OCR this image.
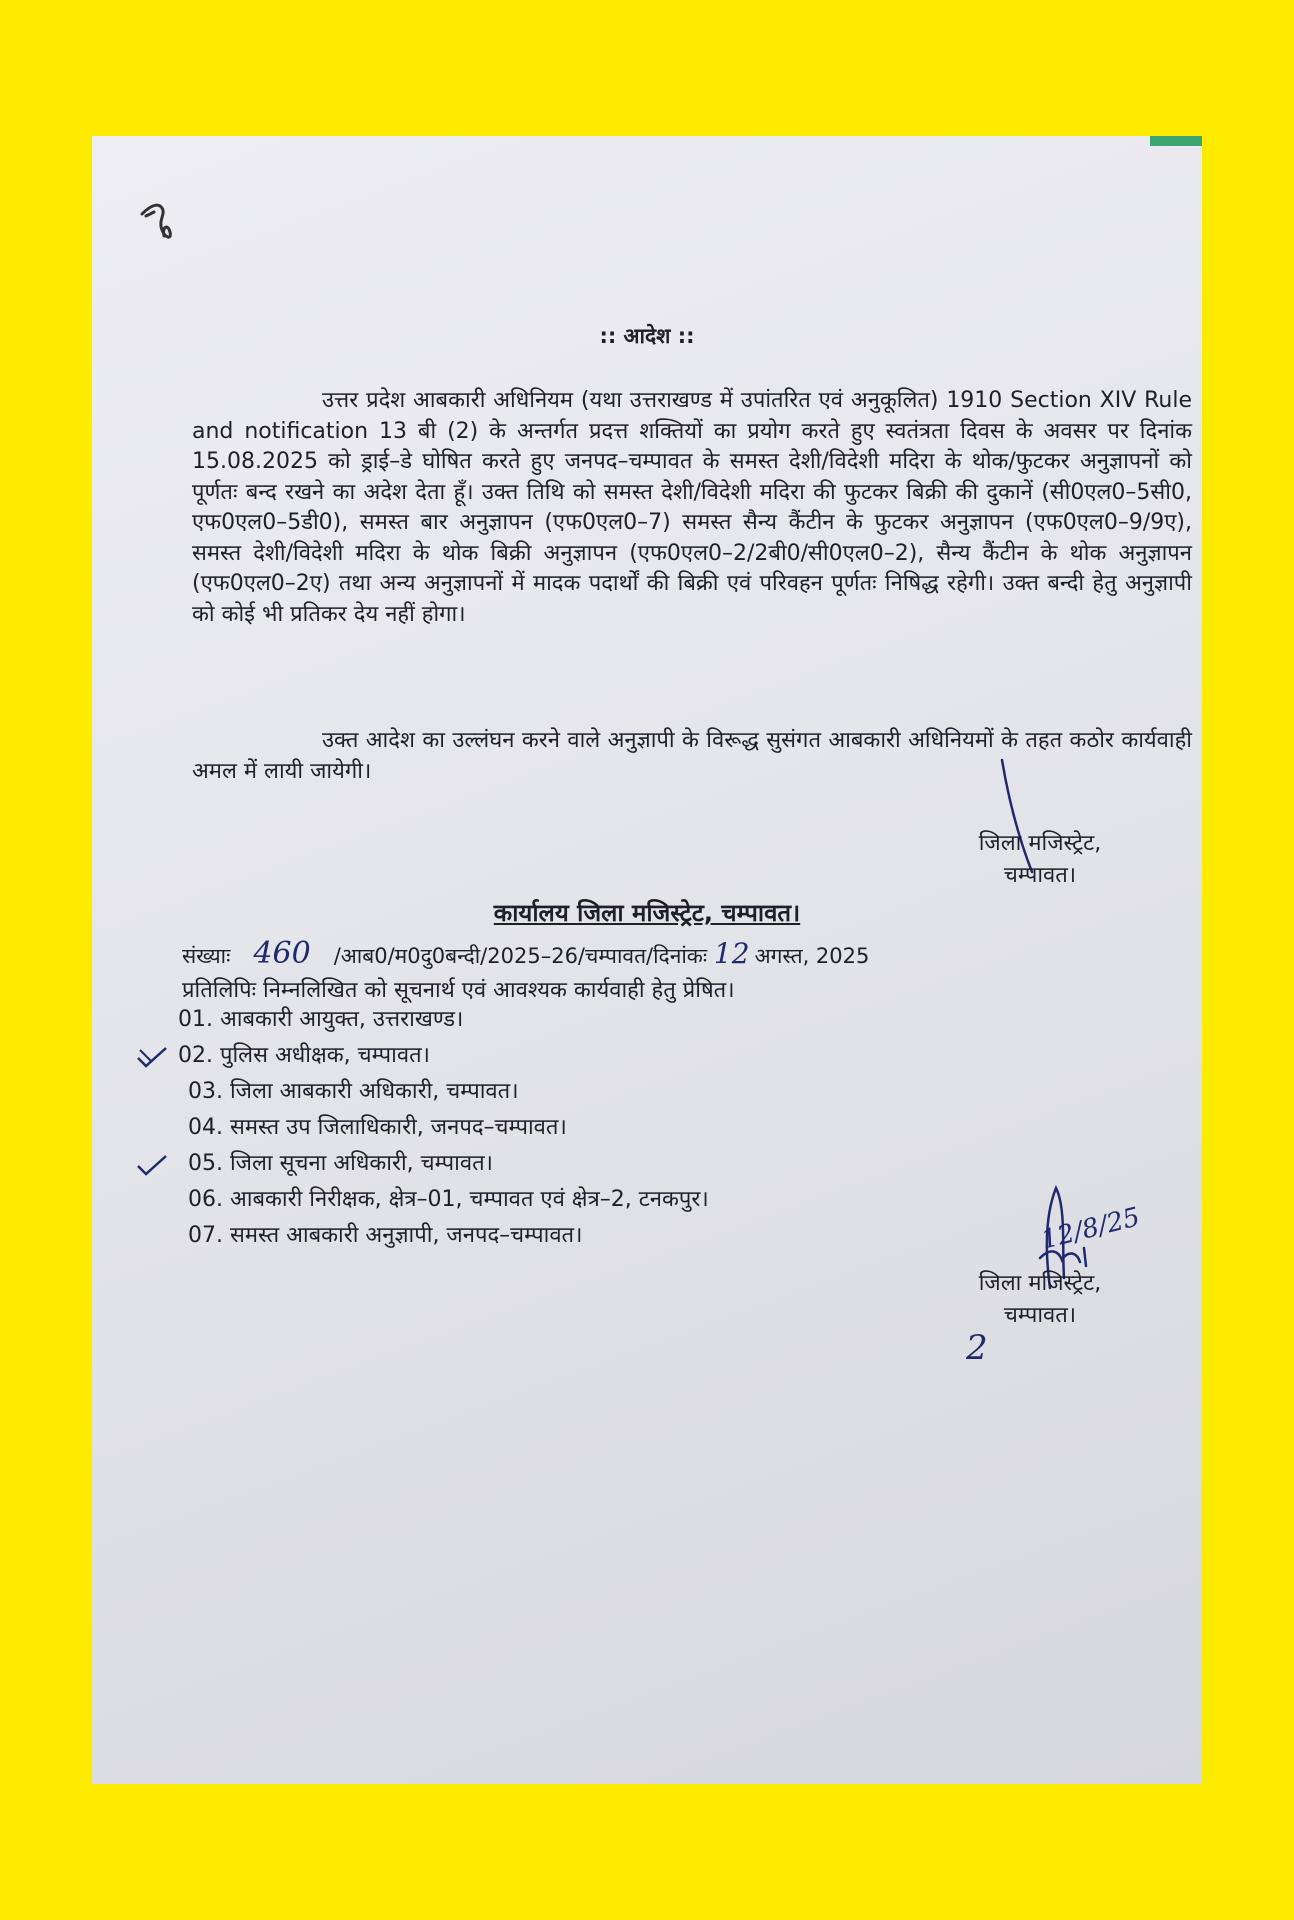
:: आदेश ::

उत्तर प्रदेश आबकारी अधिनियम (यथा उत्तराखण्ड में उपांतरित एवं अनुकूलित) 1910 Section XIV Rule and notification 13 बी (2) के अन्तर्गत प्रदत्त शक्तियों का प्रयोग करते हुए स्वतंत्रता दिवस के अवसर पर दिनांक 15.08.2025 को ड्राई–डे घोषित करते हुए जनपद–चम्पावत के समस्त देशी/विदेशी मदिरा के थोक/फुटकर अनुज्ञापनों को पूर्णतः बन्द रखने का अदेश देता हूँ। उक्त तिथि को समस्त देशी/विदेशी मदिरा की फुटकर बिक्री की दुकानें (सी0एल0–5सी0, एफ0एल0–5डी0), समस्त बार अनुज्ञापन (एफ0एल0–7) समस्त सैन्य कैंटीन के फुटकर अनुज्ञापन (एफ0एल0–9/9ए), समस्त देशी/विदेशी मदिरा के थोक बिक्री अनुज्ञापन (एफ0एल0–2/2बी0/सी0एल0–2), सैन्य कैंटीन के थोक अनुज्ञापन (एफ0एल0–2ए) तथा अन्य अनुज्ञापनों में मादक पदार्थों की बिक्री एवं परिवहन पूर्णतः निषिद्ध रहेगी। उक्त बन्दी हेतु अनुज्ञापी को कोई भी प्रतिकर देय नहीं होगा।

उक्त आदेश का उल्लंघन करने वाले अनुज्ञापी के विरूद्ध सुसंगत आबकारी अधिनियमों के तहत कठोर कार्यवाही अमल में लायी जायेगी।

जिला मजिस्ट्रेट,
चम्पावत।
कार्यालय जिला मजिस्ट्रेट, चम्पावत।
संख्याः 460 /आब0/म0दु0बन्दी/2025–26/चम्पावत/दिनांकः 12 अगस्त, 2025
प्रतिलिपिः निम्नलिखित को सूचनार्थ एवं आवश्यक कार्यवाही हेतु प्रेषित।
01. आबकारी आयुक्त, उत्तराखण्ड।
02. पुलिस अधीक्षक, चम्पावत।
03. जिला आबकारी अधिकारी, चम्पावत।
04. समस्त उप जिलाधिकारी, जनपद–चम्पावत।
05. जिला सूचना अधिकारी, चम्पावत।
06. आबकारी निरीक्षक, क्षेत्र–01, चम्पावत एवं क्षेत्र–2, टनकपुर।
07. समस्त आबकारी अनुज्ञापी, जनपद–चम्पावत।	12/8/25
जिला मजिस्ट्रेट,
चम्पावत।
2
